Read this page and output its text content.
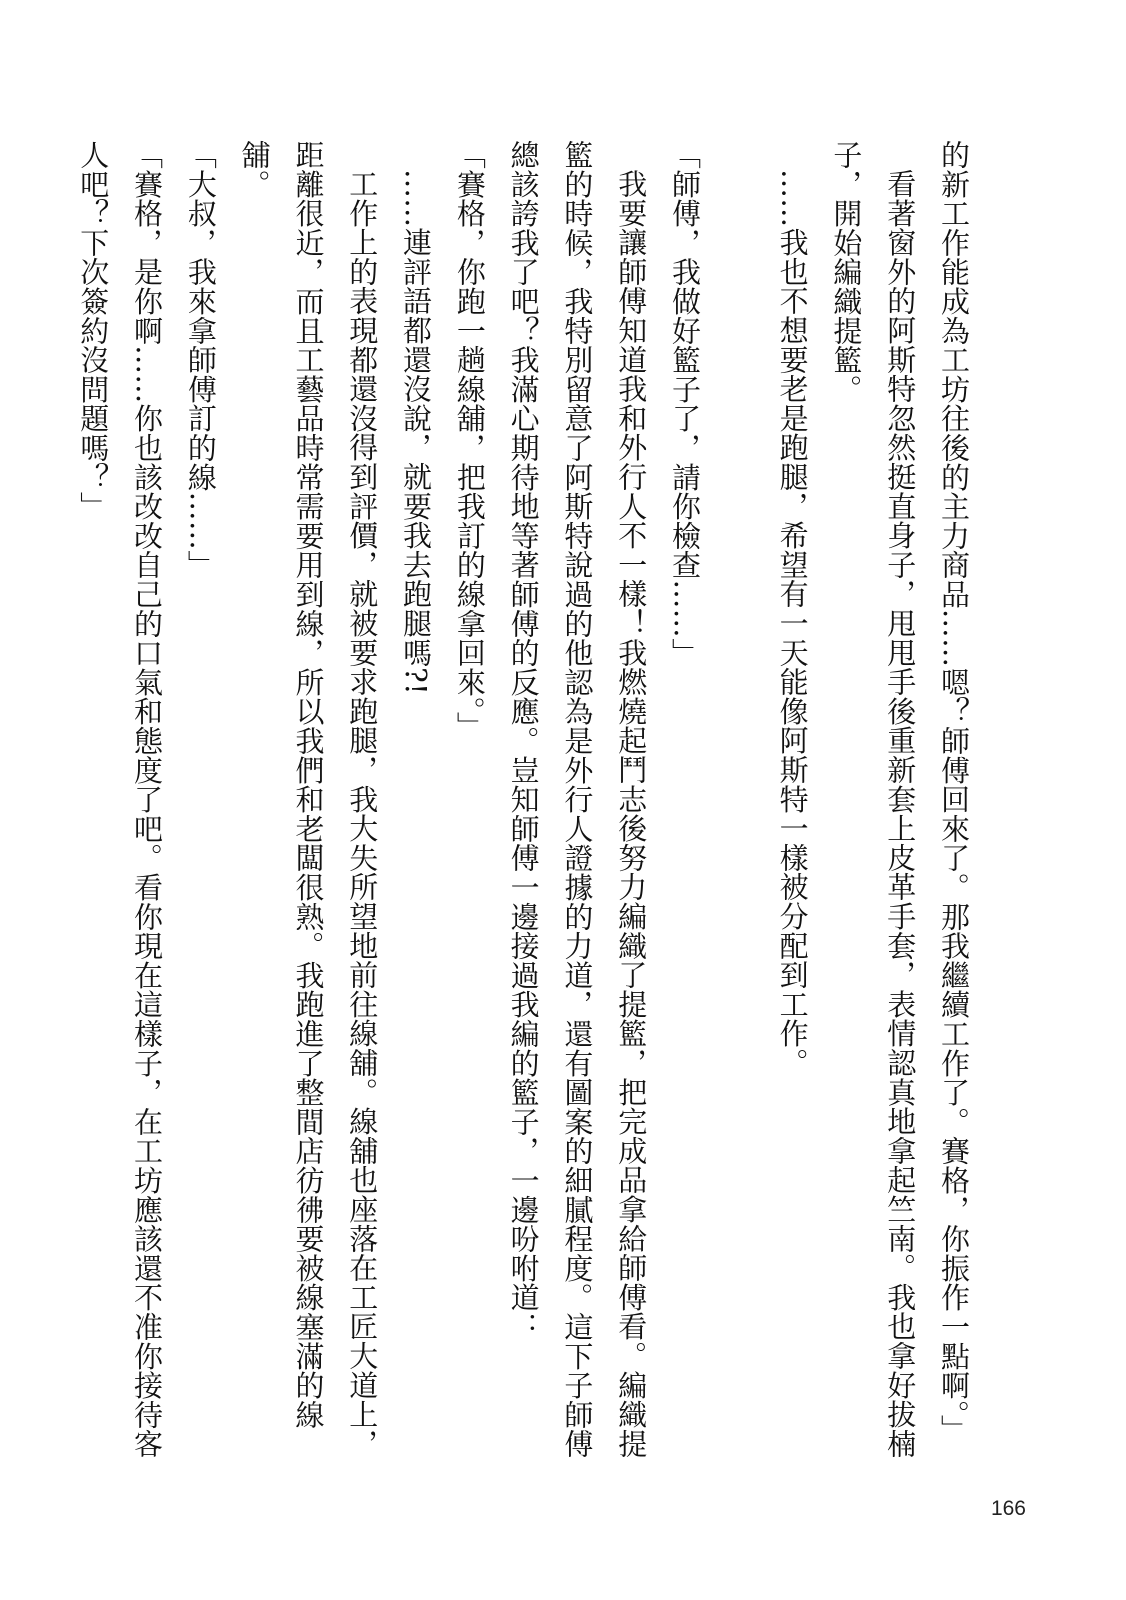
的新工作能成為工坊往後的主力商品……嗯？師傅回來了。那我繼續工作了。賽格，你振作一點啊。」

看著窗外的阿斯特忽然挺直身子，甩甩手後重新套上皮革手套，表情認真地拿起竺南。我也拿好拔楠子，開始編織提籃。

……我也不想要老是跑腿，希望有一天能像阿斯特一樣被分配到工作。

「師傅，我做好籃子了，請你檢查……」

我要讓師傅知道我和外行人不一樣！我燃燒起鬥志後努力編織了提籃，把完成品拿給師傅看。編織提籃的時候，我特別留意了阿斯特說過的他認為是外行人證據的力道，還有圖案的細膩程度。這下子師傅總該誇我了吧？我滿心期待地等著師傅的反應。豈知師傅一邊接過我編的籃子，一邊吩咐道：

「賽格，你跑一趟線舖，把我訂的線拿回來。」

……連評語都還沒說，就要我去跑腿嗎?!

工作上的表現都還沒得到評價，就被要求跑腿，我大失所望地前往線舖。線舖也座落在工匠大道上，距離很近，而且工藝品時常需要用到線，所以我們和老闆很熟。我跑進了整間店彷彿要被線塞滿的線舖。

「大叔，我來拿師傅訂的線……」

「賽格，是你啊……你也該改改自己的口氣和態度了吧。看你現在這樣子，在工坊應該還不准你接待客人吧？下次簽約沒問題嗎？」

166
